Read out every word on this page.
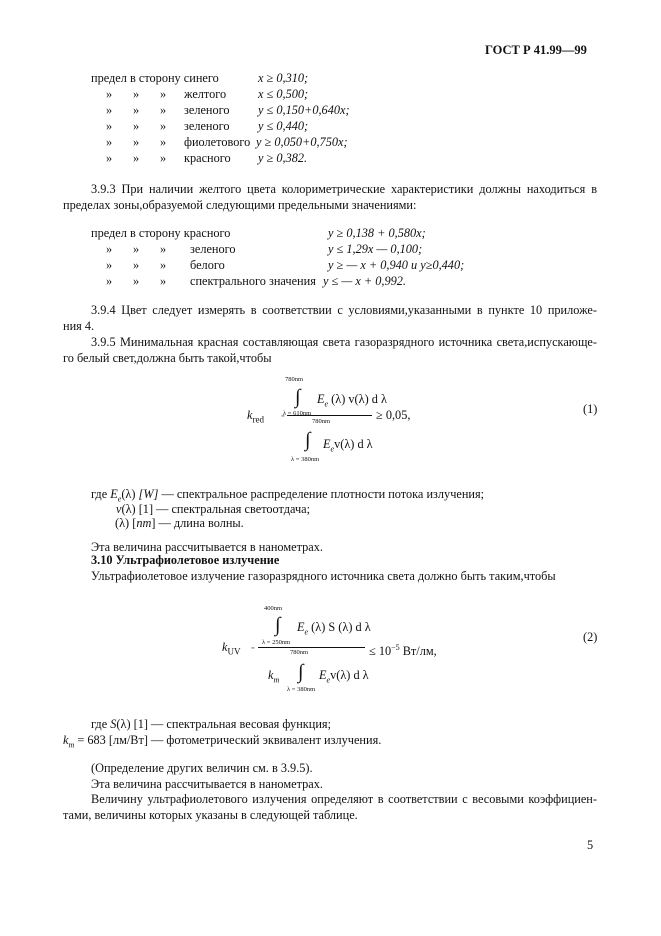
ГОСТ Р 41.99—99
предел в сторону синего	x ≥ 0,310;
» » » желтого	x ≤ 0,500;
» » » зеленого y ≤ 0,150+0,640x;
» » » зеленого y ≤ 0,440;
» » » фиолетового y ≥ 0,050+0,750x;
» » » красного y ≥ 0,382.
3.9.3 При наличии желтого цвета колориметрические характеристики должны находиться в
пределах зоны,образуемой следующими предельными значениями:
предел в сторону красного	y ≥ 0,138 + 0,580x;
» » » зеленого	y ≤ 1,29x — 0,100;
» » » белого	y ≥ — x + 0,940 и y≥0,440;
» » » спектрального значения y ≤ — x + 0,992.
3.9.4 Цвет следует измерять в соответствии с условиями,указанными в пункте 10 приложе-
ния 4.
3.9.5 Минимальная красная составляющая света газоразрядного источника света,испускающе-
го белый свет,должна быть такой,чтобы
780nm
∫ $E_e$ (λ) v(λ) d λ
$k_{red}$	=
λ = 610nm	≥ 0,05,
780nm
∫ $E_ev(\lambda)$ d λ
λ = 380nm
(1)
где $E_e(\lambda)$ [W] — спектральное распределение плотности потока излучения;
v(λ) [1] — спектральная светоотдача;
(λ) [nm] — длина волны.
Эта величина рассчитывается в нанометрах.
3.10 Ультрафиолетовое излучение
Ультрафиолетовое излучение газоразрядного источника света должно быть таким,чтобы
400nm
∫ $E_e$ (λ) S (λ) d λ
$k_{UV}$ =
λ = 250nm
780nm	≤ $10^{-5}$ Вт/лм,
$k_m$ ∫ $E_ev(\lambda)$ d λ
λ = 380nm
(2)
где S(λ) [1] — спектральная весовая функция;
$k_m = 683$ [лм/Вт] — фотометрический эквивалент излучения.
(Определение других величин см. в 3.9.5).
Эта величина рассчитывается в нанометрах.
Величину ультрафиолетового излучения определяют в соответствии с весовыми коэффициен-
тами, величины которых указаны в следующей таблице.
5
